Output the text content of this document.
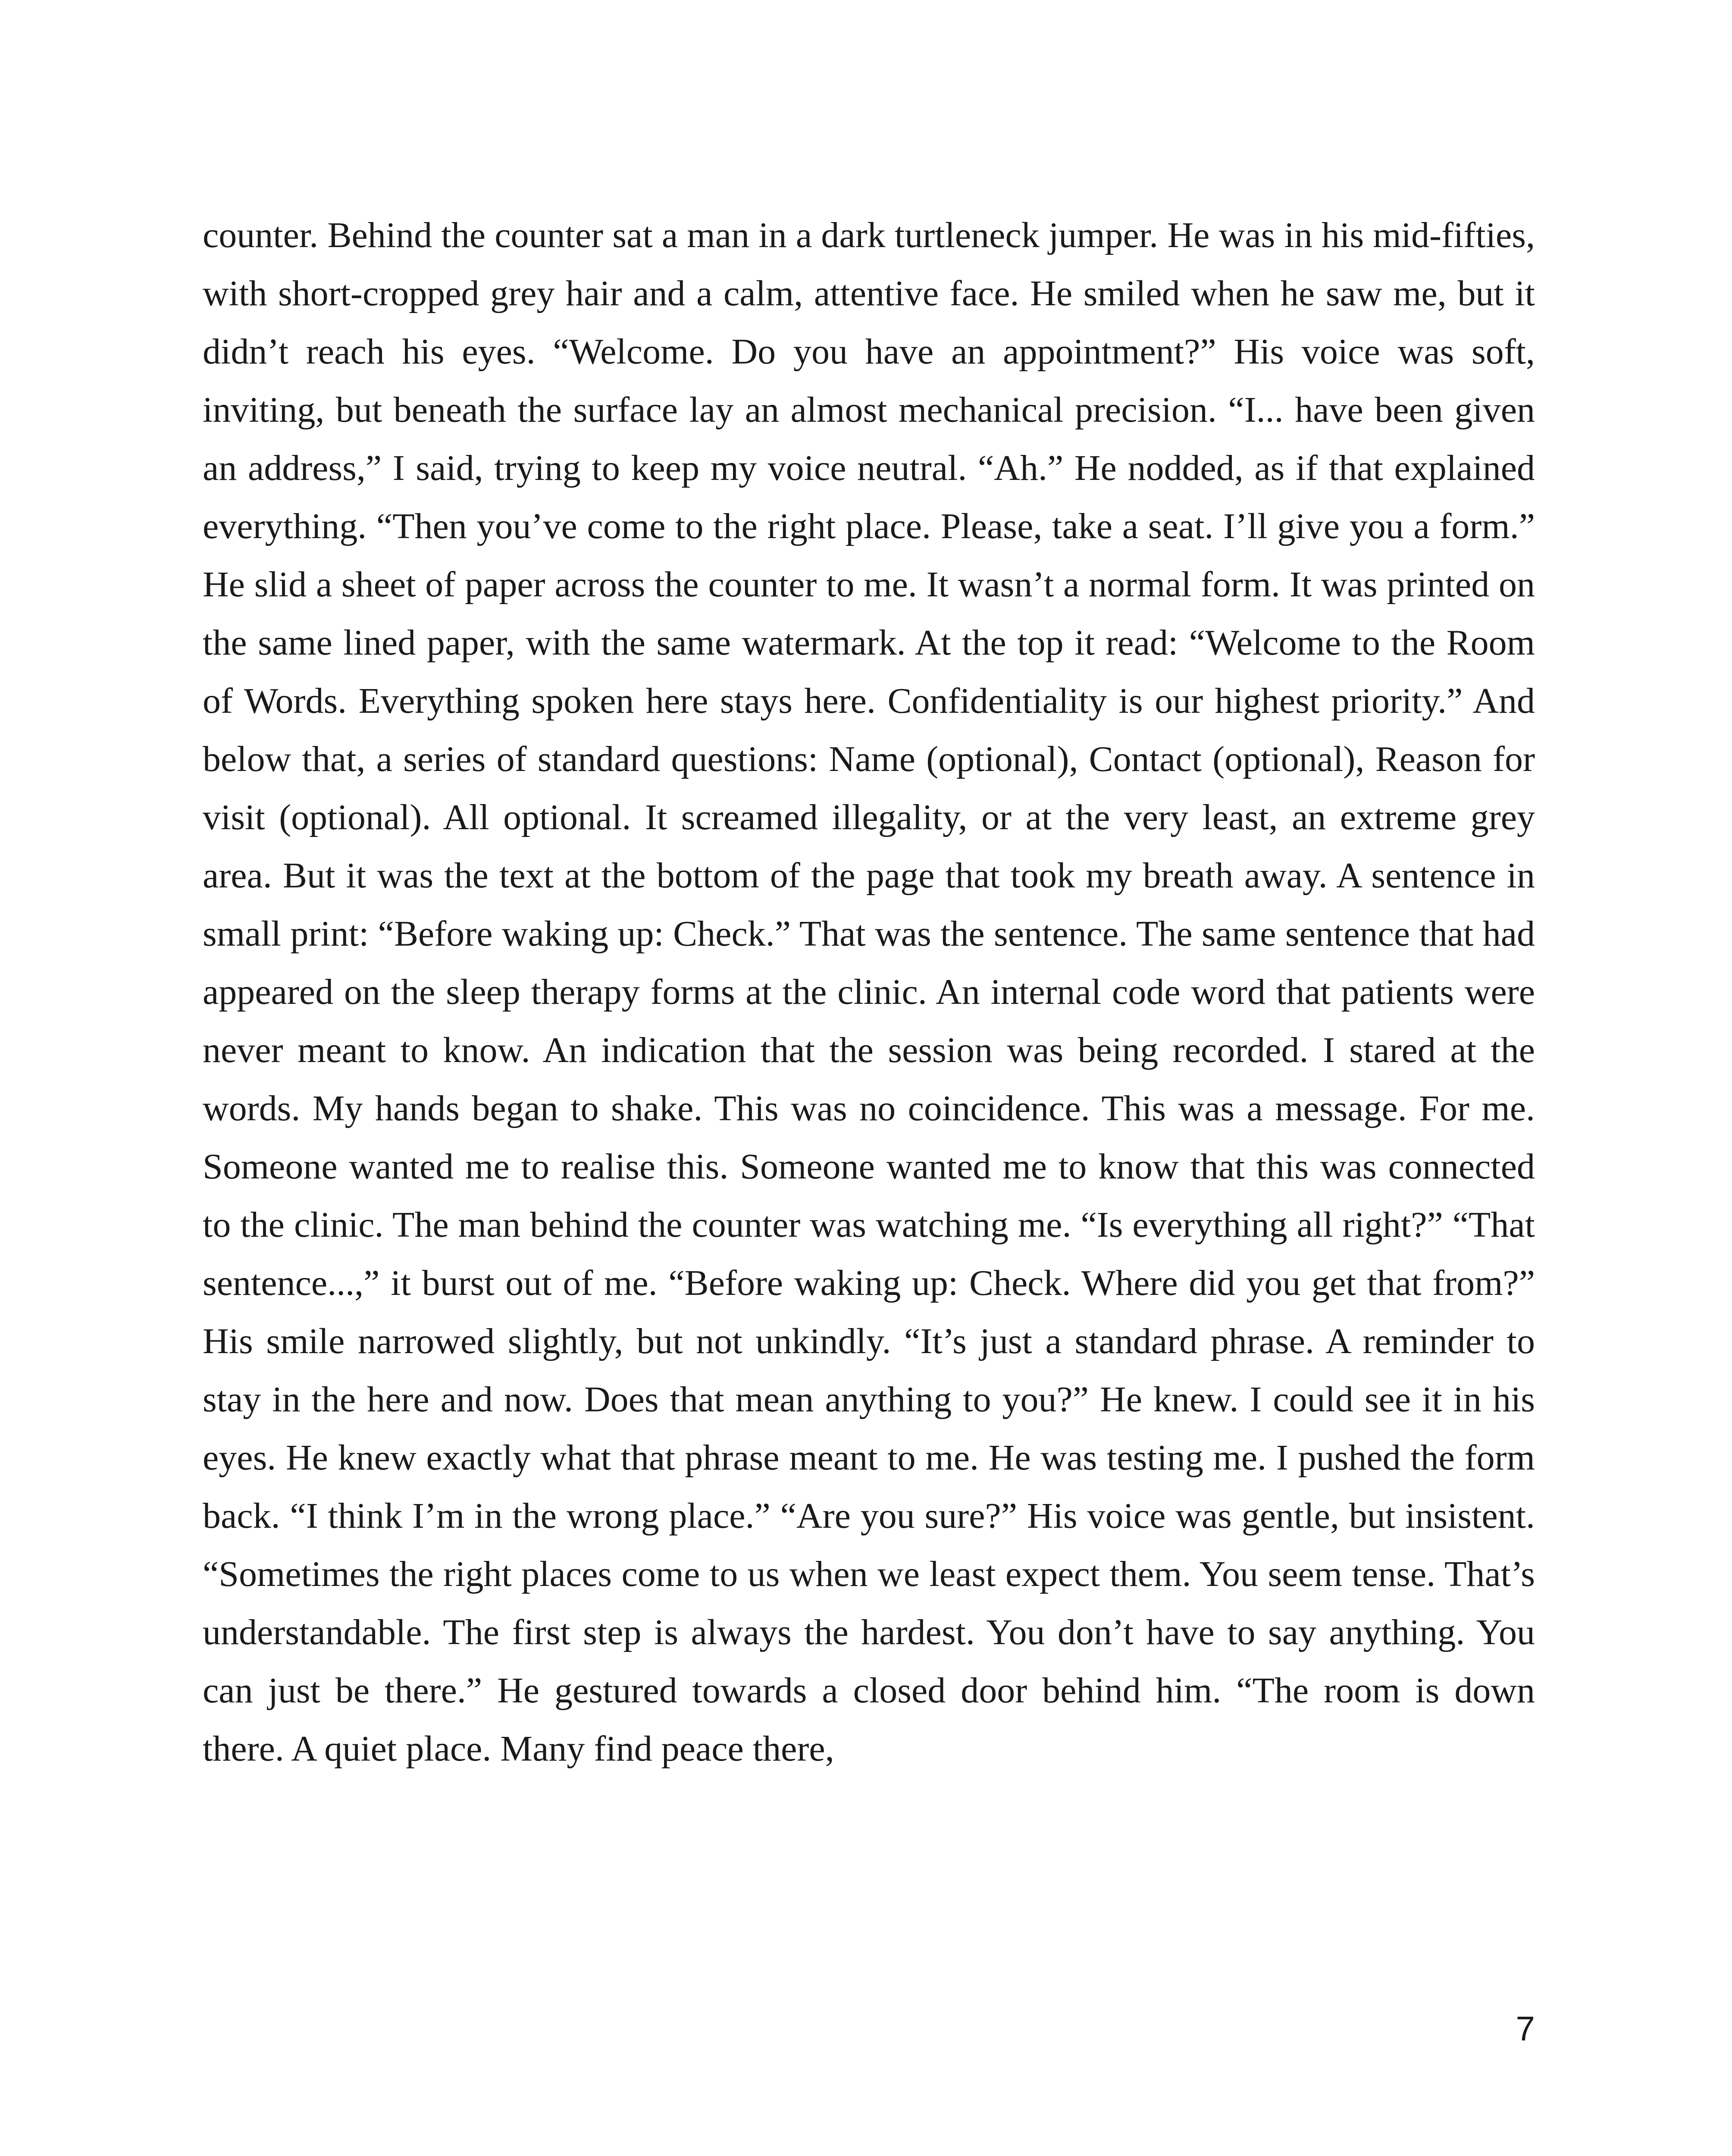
counter. Behind the counter sat a man in a dark turtleneck jumper. He was in his mid-fifties, with short-cropped grey hair and a calm, attentive face. He smiled when he saw me, but it didn’t reach his eyes. “Welcome. Do you have an appointment?” His voice was soft, inviting, but beneath the surface lay an almost mechanical precision. “I... have been given an address,” I said, trying to keep my voice neutral. “Ah.” He nodded, as if that explained everything. “Then you’ve come to the right place. Please, take a seat. I’ll give you a form.” He slid a sheet of paper across the counter to me. It wasn’t a normal form. It was printed on the same lined paper, with the same watermark. At the top it read: “Welcome to the Room of Words. Everything spoken here stays here. Confidentiality is our highest priority.” And below that, a series of standard questions: Name (optional), Contact (optional), Reason for visit (optional). All optional. It screamed illegality, or at the very least, an extreme grey area. But it was the text at the bottom of the page that took my breath away. A sentence in small print: “Before waking up: Check.” That was the sentence. The same sentence that had appeared on the sleep therapy forms at the clinic. An internal code word that patients were never meant to know. An indication that the session was being recorded. I stared at the words. My hands began to shake. This was no coincidence. This was a message. For me. Someone wanted me to realise this. Someone wanted me to know that this was connected to the clinic. The man behind the counter was watching me. “Is everything all right?” “That sentence...,” it burst out of me. “Before waking up: Check. Where did you get that from?” His smile narrowed slightly, but not unkindly. “It’s just a standard phrase. A reminder to stay in the here and now. Does that mean anything to you?” He knew. I could see it in his eyes. He knew exactly what that phrase meant to me. He was testing me. I pushed the form back. “I think I’m in the wrong place.” “Are you sure?” His voice was gentle, but insistent. “Sometimes the right places come to us when we least expect them. You seem tense. That’s understandable. The first step is always the hardest. You don’t have to say anything. You can just be there.” He gestured towards a closed door behind him. “The room is down there. A quiet place. Many find peace there,

7
